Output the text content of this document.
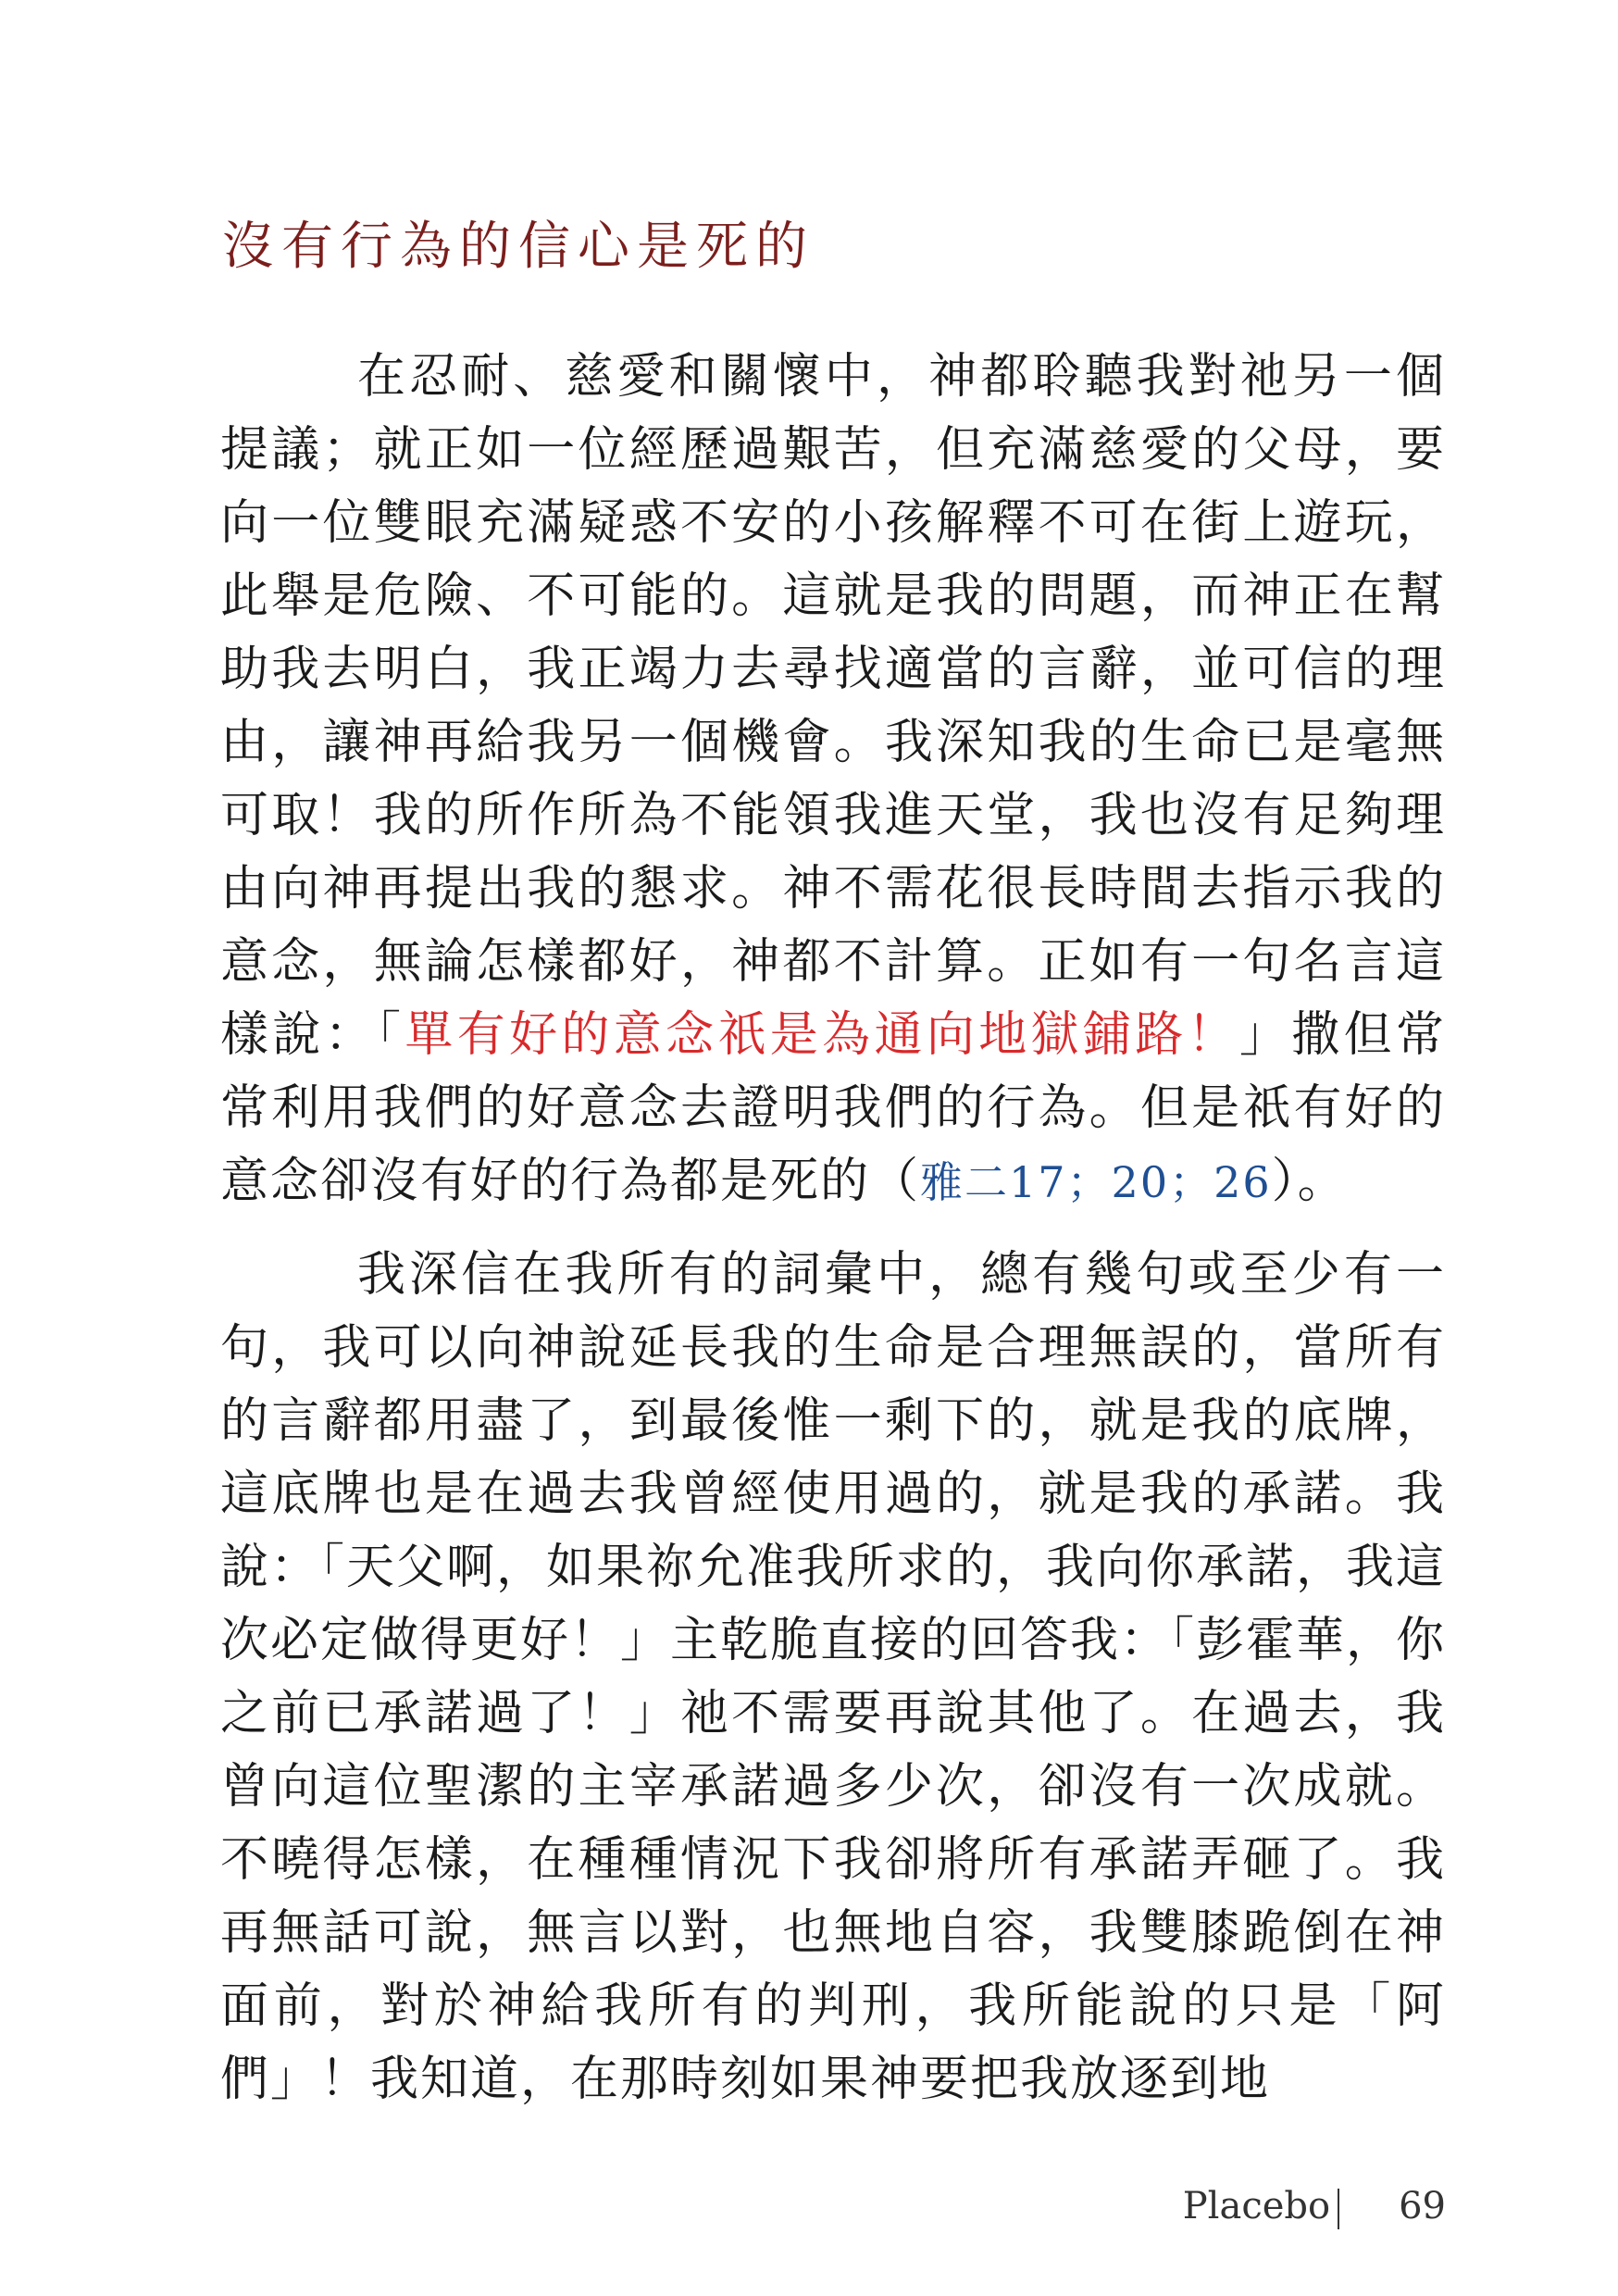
沒有行為的信心是死的

在忍耐、慈愛和關懷中，神都聆聽我對祂另一個提議；就正如一位經歷過艱苦，但充滿慈愛的父母，要向一位雙眼充滿疑惑不安的小孩解釋不可在街上遊玩，此舉是危險、不可能的。這就是我的問題，而神正在幫助我去明白，我正竭力去尋找適當的言辭，並可信的理由，讓神再給我另一個機會。我深知我的生命已是毫無可取！我的所作所為不能領我進天堂，我也沒有足夠理由向神再提出我的懇求。神不需花很長時間去指示我的意念，無論怎樣都好，神都不計算。正如有一句名言這樣說：「單有好的意念祇是為通向地獄鋪路！」撒但常常利用我們的好意念去證明我們的行為。但是祇有好的意念卻沒有好的行為都是死的（雅二17；20；26）。

我深信在我所有的詞彙中，總有幾句或至少有一句，我可以向神說延長我的生命是合理無誤的，當所有的言辭都用盡了，到最後惟一剩下的，就是我的底牌，這底牌也是在過去我曾經使用過的，就是我的承諾。我說：「天父啊，如果祢允准我所求的，我向你承諾，我這次必定做得更好！」主乾脆直接的回答我：「彭霍華，你之前已承諾過了！」祂不需要再說其他了。在過去，我曾向這位聖潔的主宰承諾過多少次，卻沒有一次成就。不曉得怎樣，在種種情況下我卻將所有承諾弄砸了。我再無話可說，無言以對，也無地自容，我雙膝跪倒在神面前，對於神給我所有的判刑，我所能說的只是「阿們」！我知道，在那時刻如果神要把我放逐到地

Placebo 69
